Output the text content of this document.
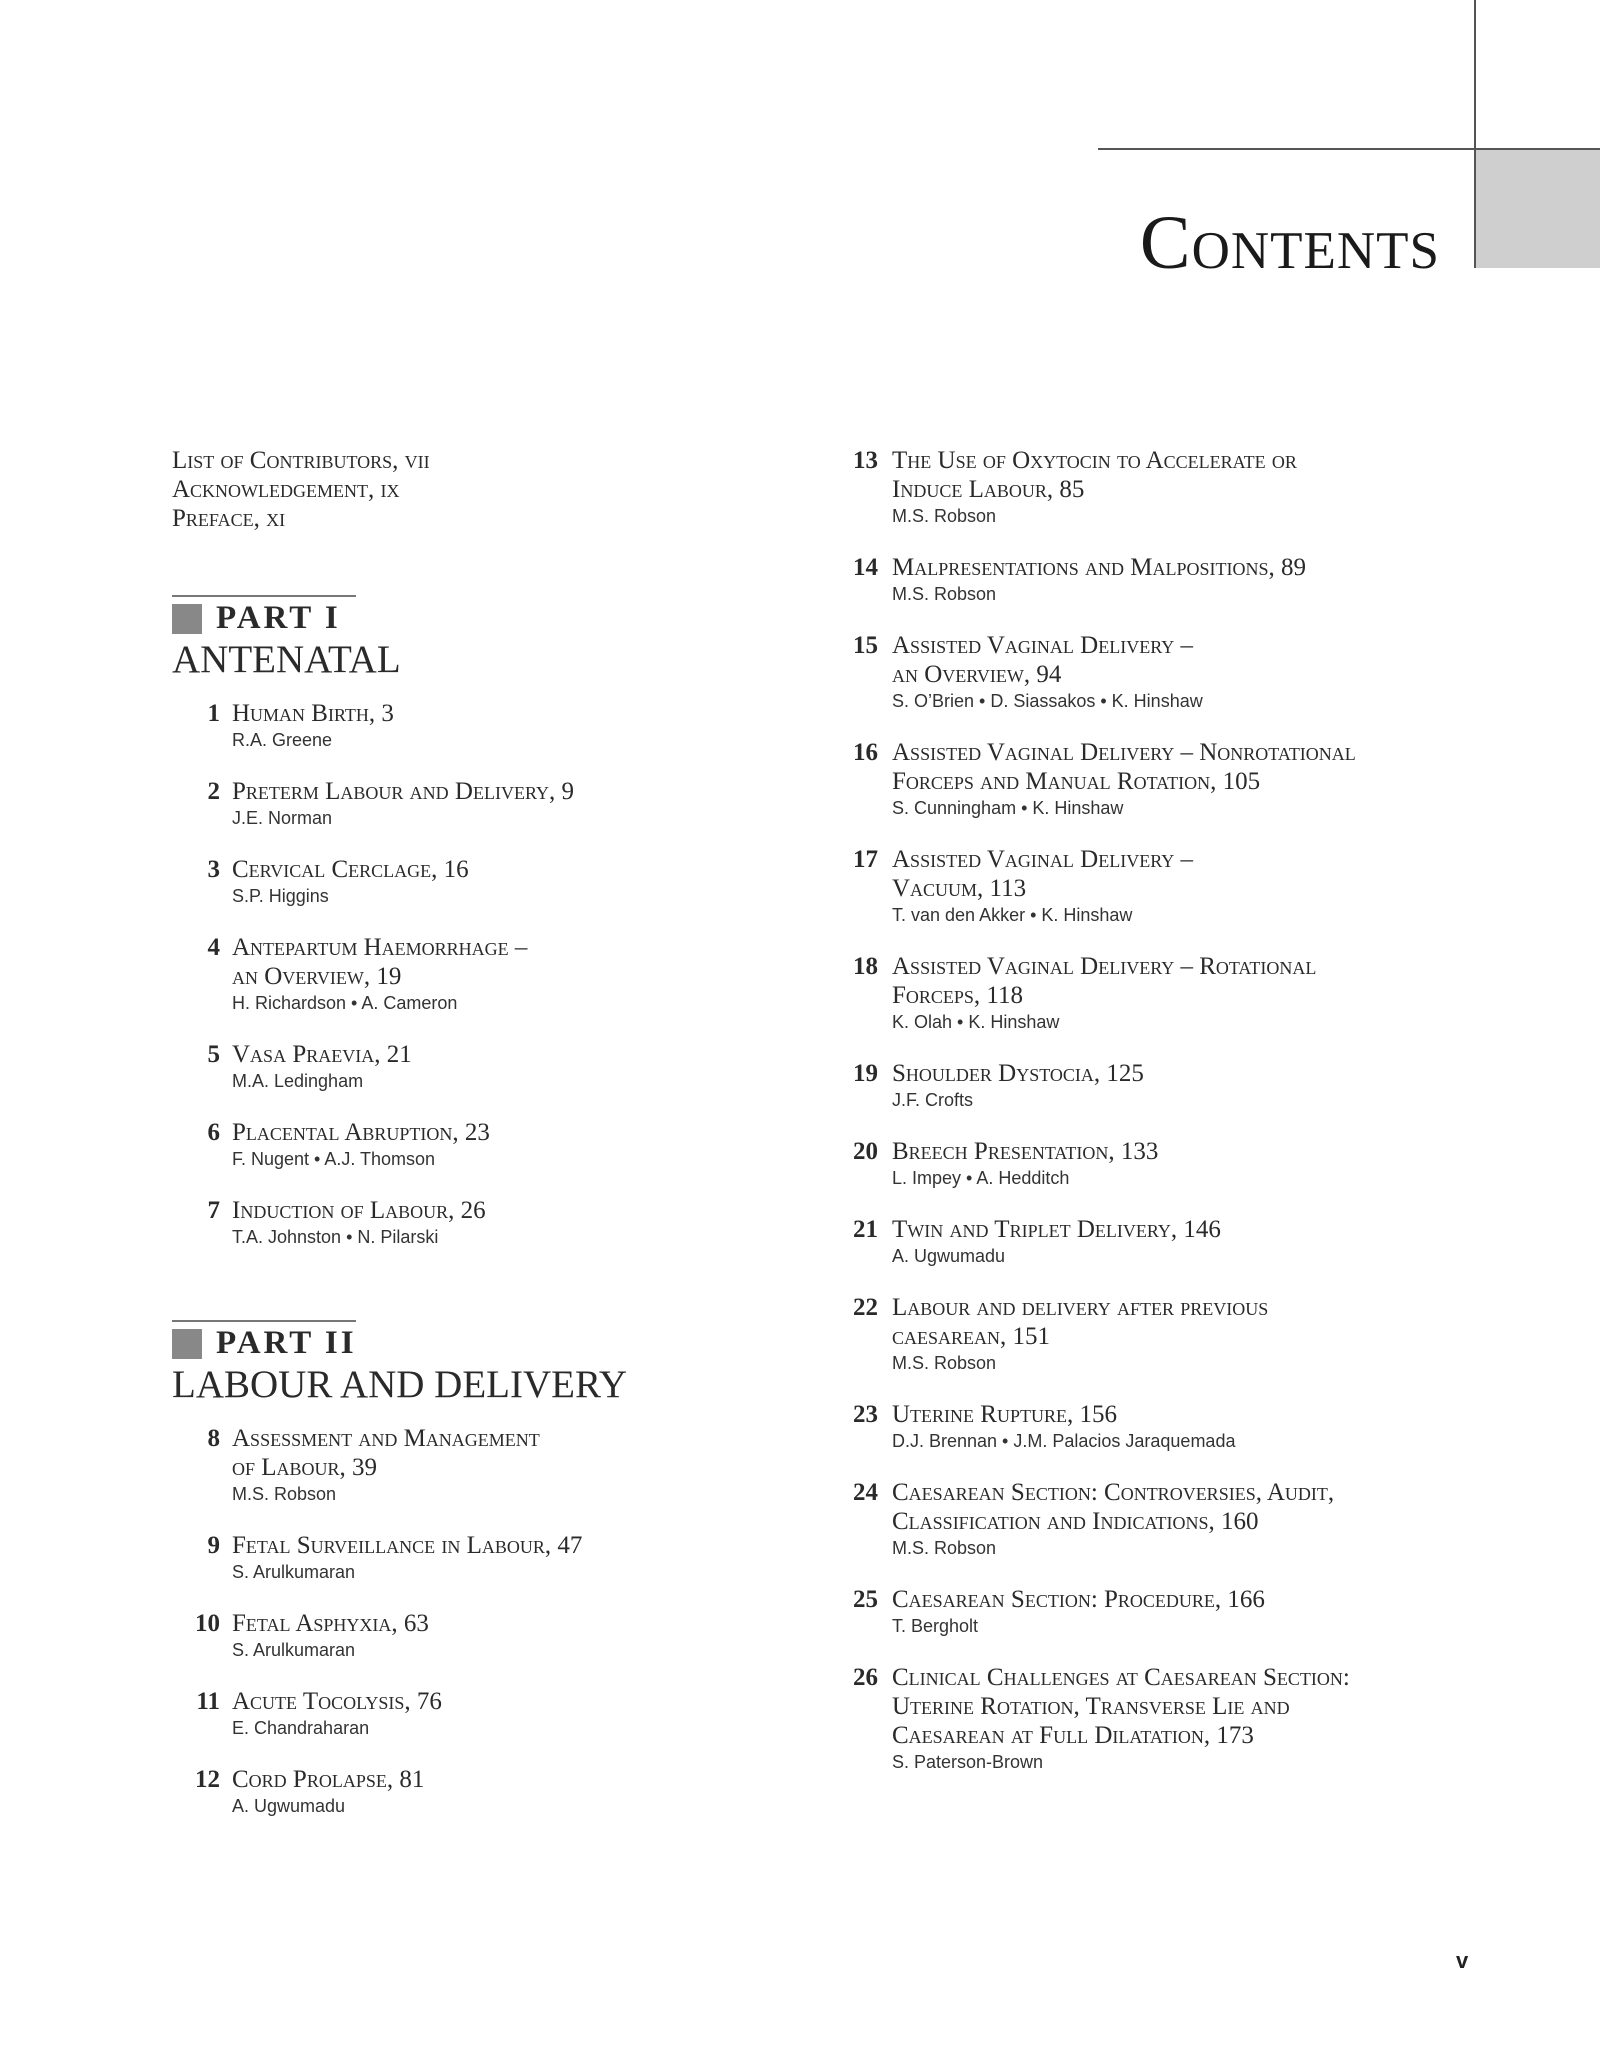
Contents
List of Contributors, vii
Acknowledgement, ix
Preface, xi
PART I
ANTENATAL
1 Human Birth, 3
R.A. Greene
2 Preterm Labour and Delivery, 9
J.E. Norman
3 Cervical Cerclage, 16
S.P. Higgins
4 Antepartum Haemorrhage –
an Overview, 19
H. Richardson • A. Cameron
5 Vasa Praevia, 21
M.A. Ledingham
6 Placental Abruption, 23
F. Nugent • A.J. Thomson
7 Induction of Labour, 26
T.A. Johnston • N. Pilarski
PART II
LABOUR AND DELIVERY
8 Assessment and Management
of Labour, 39
M.S. Robson
9 Fetal Surveillance in Labour, 47
S. Arulkumaran
10 Fetal Asphyxia, 63
S. Arulkumaran
11 Acute Tocolysis, 76
E. Chandraharan
12 Cord Prolapse, 81
A. Ugwumadu
13 The Use of Oxytocin to Accelerate or
Induce Labour, 85
M.S. Robson
14 Malpresentations and Malpositions, 89
M.S. Robson
15 Assisted Vaginal Delivery –
an Overview, 94
S. O’Brien • D. Siassakos • K. Hinshaw
16 Assisted Vaginal Delivery – Nonrotational
Forceps and Manual Rotation, 105
S. Cunningham • K. Hinshaw
17 Assisted Vaginal Delivery –
Vacuum, 113
T. van den Akker • K. Hinshaw
18 Assisted Vaginal Delivery – Rotational
Forceps, 118
K. Olah • K. Hinshaw
19 Shoulder Dystocia, 125
J.F. Crofts
20 Breech Presentation, 133
L. Impey • A. Hedditch
21 Twin and Triplet Delivery, 146
A. Ugwumadu
22 Labour and delivery after previous
caesarean, 151
M.S. Robson
23 Uterine Rupture, 156
D.J. Brennan • J.M. Palacios Jaraquemada
24 Caesarean Section: Controversies, Audit,
Classification and Indications, 160
M.S. Robson
25 Caesarean Section: Procedure, 166
T. Bergholt
26 Clinical Challenges at Caesarean Section:
Uterine Rotation, Transverse Lie and
Caesarean at Full Dilatation, 173
S. Paterson-Brown
v
